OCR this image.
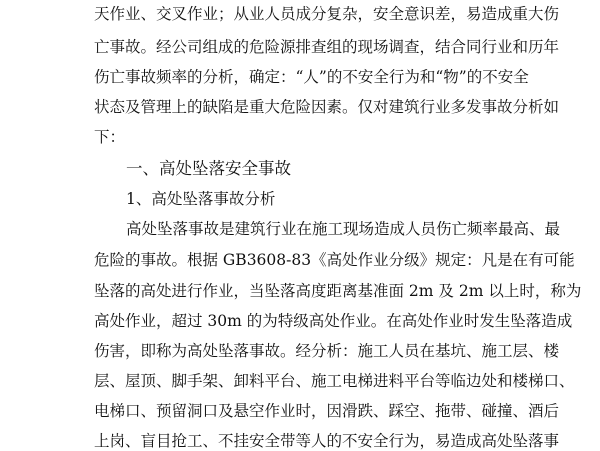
天作业、交叉作业；从业人员成分复杂，安全意识差，易造成重大伤
亡事故。经公司组成的危险源排查组的现场调查，结合同行业和历年
伤亡事故频率的分析，确定：“人”的不安全行为和“物”的不安全
状态及管理上的缺陷是重大危险因素。仅对建筑行业多发事故分析如
下：
一、高处坠落安全事故
1、高处坠落事故分析
高处坠落事故是建筑行业在施工现场造成人员伤亡频率最高、最
危险的事故。根据 GB3608-83《高处作业分级》规定：凡是在有可能
坠落的高处进行作业，当坠落高度距离基准面 2m 及 2m 以上时，称为
高处作业，超过 30m 的为特级高处作业。在高处作业时发生坠落造成
伤害，即称为高处坠落事故。经分析：施工人员在基坑、施工层、楼
层、屋顶、脚手架、卸料平台、施工电梯进料平台等临边处和楼梯口、
电梯口、预留洞口及悬空作业时，因滑跌、踩空、拖带、碰撞、酒后
上岗、盲目抢工、不挂安全带等人的不安全行为，易造成高处坠落事
